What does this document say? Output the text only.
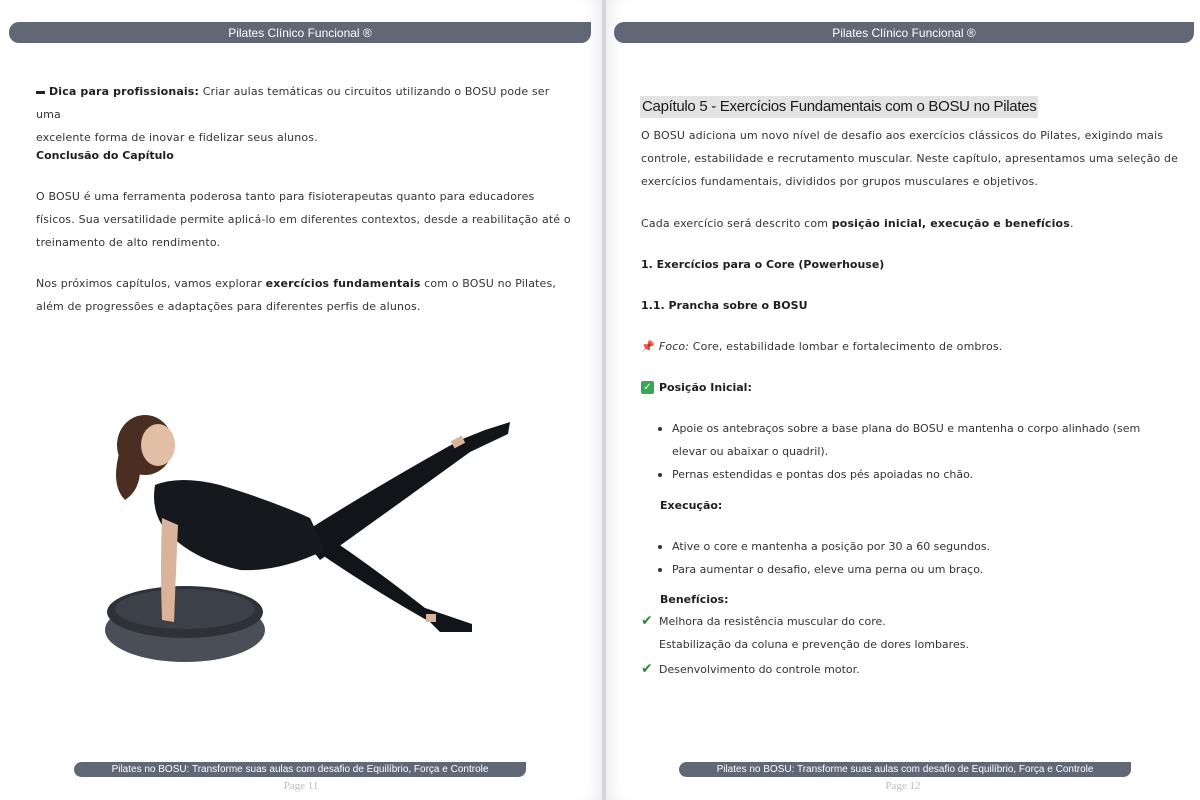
Pilates Clínico Funcional ®
Dica para profissionais: Criar aulas temáticas ou circuitos utilizando o BOSU pode ser uma
excelente forma de inovar e fidelizar seus alunos.
Conclusão do Capítulo
O BOSU é uma ferramenta poderosa tanto para fisioterapeutas quanto para educadores
físicos. Sua versatilidade permite aplicá-lo em diferentes contextos, desde a reabilitação até o
treinamento de alto rendimento.
Nos próximos capítulos, vamos explorar exercícios fundamentais com o BOSU no Pilates,
além de progressões e adaptações para diferentes perfis de alunos.
Pilates no BOSU: Transforme suas aulas com desafio de Equilíbrio, Força e Controle
Page 11
Pilates Clínico Funcional ®
Capítulo 5 - Exercícios Fundamentais com o BOSU no Pilates
O BOSU adiciona um novo nível de desafio aos exercícios clássicos do Pilates, exigindo mais
controle, estabilidade e recrutamento muscular. Neste capítulo, apresentamos uma seleção de
exercícios fundamentais, divididos por grupos musculares e objetivos.
Cada exercício será descrito com posição inicial, execução e benefícios.
1. Exercícios para o Core (Powerhouse)
1.1. Prancha sobre o BOSU
📌 Foco: Core, estabilidade lombar e fortalecimento de ombros.
✓ Posição Inicial:
Apoie os antebraços sobre a base plana do BOSU e mantenha o corpo alinhado (sem
elevar ou abaixar o quadril).
Pernas estendidas e pontas dos pés apoiadas no chão.
Execução:
Ative o core e mantenha a posição por 30 a 60 segundos.
Para aumentar o desafio, eleve uma perna ou um braço.
Benefícios:
✔ Melhora da resistência muscular do core.
Estabilização da coluna e prevenção de dores lombares.
✔ Desenvolvimento do controle motor.
Pilates no BOSU: Transforme suas aulas com desafio de Equilíbrio, Força e Controle
Page 12
